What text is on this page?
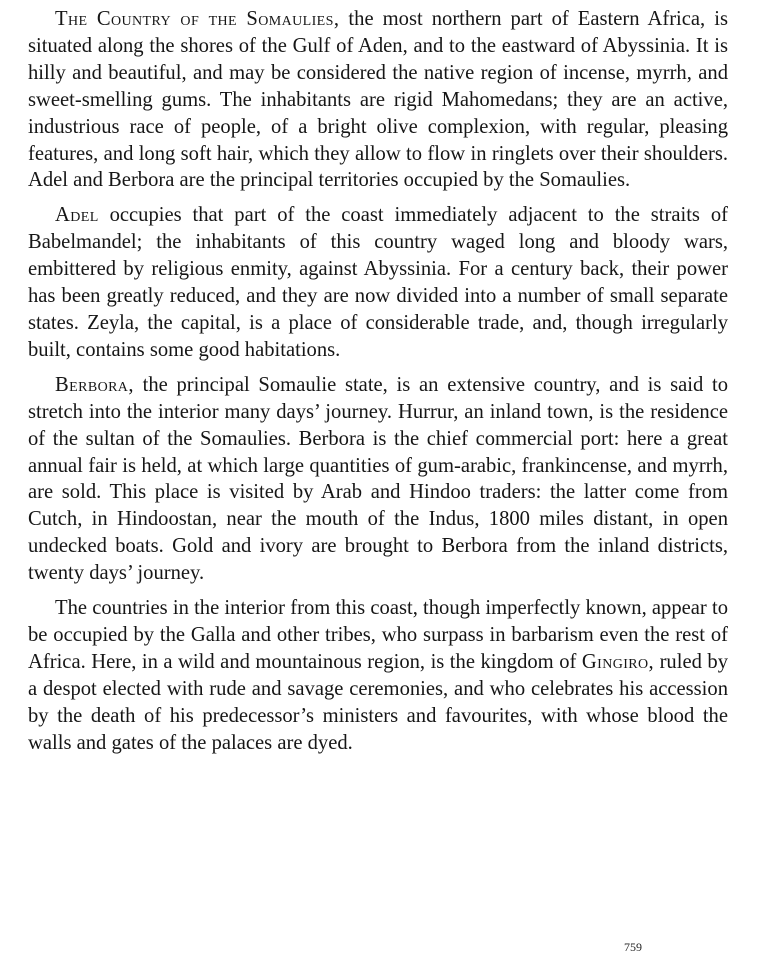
The Country of the Somaulies, the most northern part of Eastern Africa, is situated along the shores of the Gulf of Aden, and to the eastward of Abyssinia. It is hilly and beautiful, and may be considered the native region of incense, myrrh, and sweet-smelling gums. The inhabitants are rigid Mahomedans; they are an active, industrious race of people, of a bright olive complexion, with regular, pleasing features, and long soft hair, which they allow to flow in ringlets over their shoulders. Adel and Berbora are the principal territories occupied by the Somaulies.

Adel occupies that part of the coast immediately adjacent to the straits of Babelmandel; the inhabitants of this country waged long and bloody wars, embittered by religious enmity, against Abyssinia. For a century back, their power has been greatly reduced, and they are now divided into a number of small separate states. Zeyla, the capital, is a place of considerable trade, and, though irregularly built, contains some good habitations.

Berbora, the principal Somaulie state, is an extensive country, and is said to stretch into the interior many days’ journey. Hurrur, an inland town, is the residence of the sultan of the Somaulies. Berbora is the chief commercial port: here a great annual fair is held, at which large quantities of gum-arabic, frankincense, and myrrh, are sold. This place is visited by Arab and Hindoo traders: the latter come from Cutch, in Hindoostan, near the mouth of the Indus, 1800 miles distant, in open undecked boats. Gold and ivory are brought to Berbora from the inland districts, twenty days’ journey.

The countries in the interior from this coast, though imperfectly known, appear to be occupied by the Galla and other tribes, who surpass in barbarism even the rest of Africa. Here, in a wild and mountainous region, is the kingdom of Gingiro, ruled by a despot elected with rude and savage ceremonies, and who celebrates his accession by the death of his predecessor’s ministers and favourites, with whose blood the walls and gates of the palaces are dyed.

759
